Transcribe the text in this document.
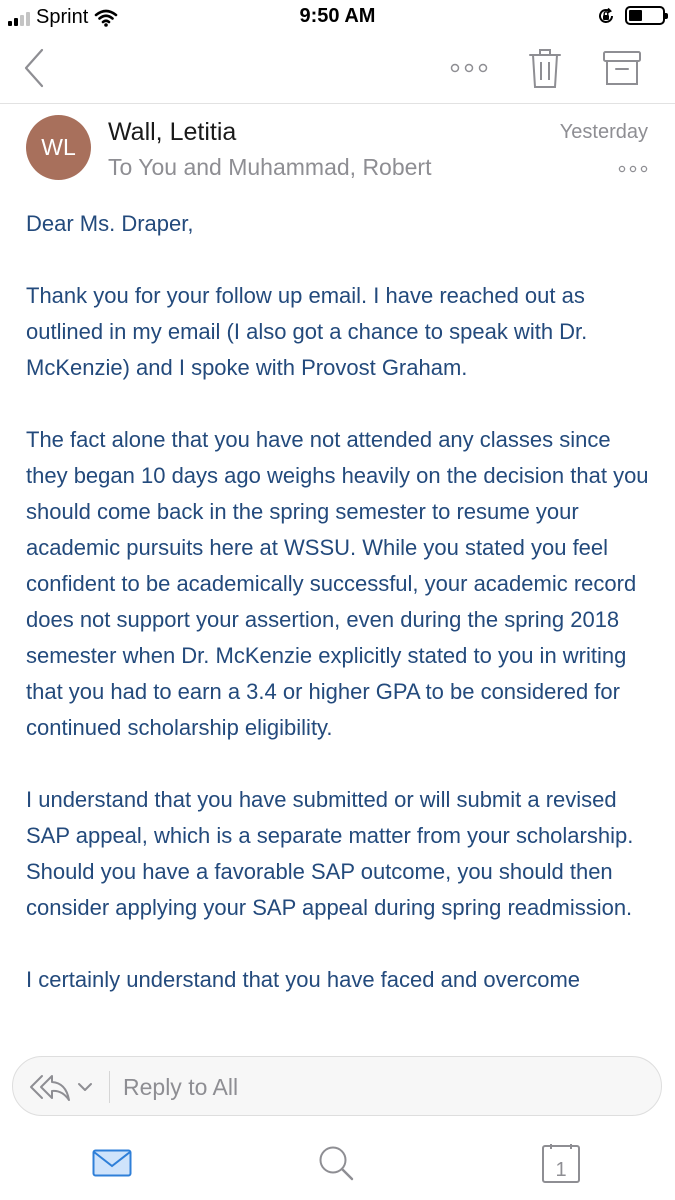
Sprint	9:50 AM
WL
Wall, Letitia
To You and Muhammad, Robert
Yesterday

Dear Ms. Draper,

Thank you for your follow up email. I have reached out as outlined in my email (I also got a chance to speak with Dr. McKenzie) and I spoke with Provost Graham.

The fact alone that you have not attended any classes since they began 10 days ago weighs heavily on the decision that you should come back in the spring semester to resume your academic pursuits here at WSSU. While you stated you feel confident to be academically successful, your academic record does not support your assertion, even during the spring 2018 semester when Dr. McKenzie explicitly stated to you in writing that you had to earn a 3.4 or higher GPA to be considered for continued scholarship eligibility.

I understand that you have submitted or will submit a revised SAP appeal, which is a separate matter from your scholarship. Should you have a favorable SAP outcome, you should then consider applying your SAP appeal during spring readmission.

I certainly understand that you have faced and overcome

Reply to All
1
